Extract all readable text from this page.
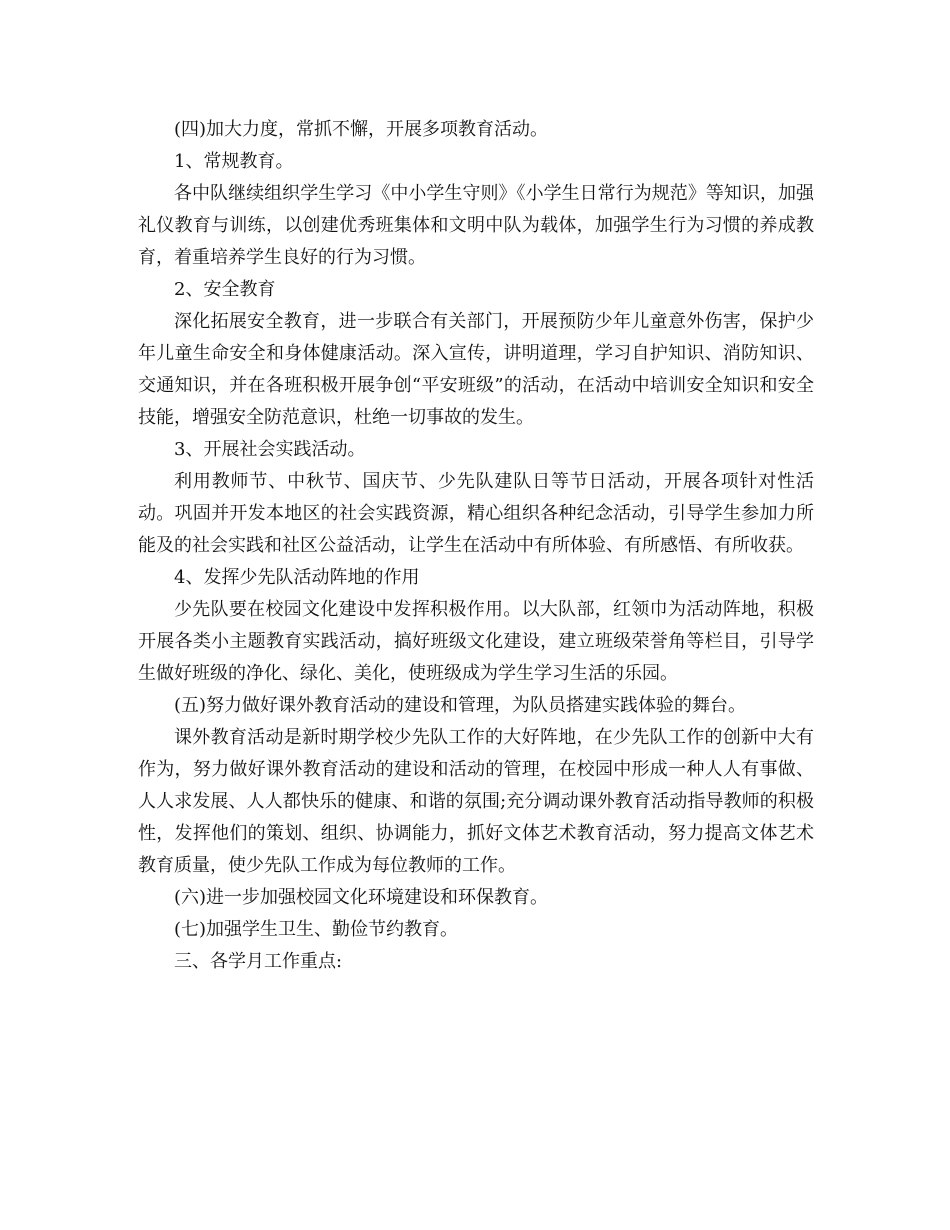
(四)加大力度，常抓不懈，开展多项教育活动。

1、常规教育。

各中队继续组织学生学习《中小学生守则》《小学生日常行为规范》等知识，加强礼仪教育与训练，以创建优秀班集体和文明中队为载体，加强学生行为习惯的养成教育，着重培养学生良好的行为习惯。

2、安全教育

深化拓展安全教育，进一步联合有关部门，开展预防少年儿童意外伤害，保护少年儿童生命安全和身体健康活动。深入宣传，讲明道理，学习自护知识、消防知识、交通知识，并在各班积极开展争创“平安班级”的活动，在活动中培训安全知识和安全技能，增强安全防范意识，杜绝一切事故的发生。

3、开展社会实践活动。

利用教师节、中秋节、国庆节、少先队建队日等节日活动，开展各项针对性活动。巩固并开发本地区的社会实践资源，精心组织各种纪念活动，引导学生参加力所能及的社会实践和社区公益活动，让学生在活动中有所体验、有所感悟、有所收获。

4、发挥少先队活动阵地的作用

少先队要在校园文化建设中发挥积极作用。以大队部，红领巾为活动阵地，积极开展各类小主题教育实践活动，搞好班级文化建设，建立班级荣誉角等栏目，引导学生做好班级的净化、绿化、美化，使班级成为学生学习生活的乐园。

(五)努力做好课外教育活动的建设和管理，为队员搭建实践体验的舞台。

课外教育活动是新时期学校少先队工作的大好阵地，在少先队工作的创新中大有作为，努力做好课外教育活动的建设和活动的管理，在校园中形成一种人人有事做、人人求发展、人人都快乐的健康、和谐的氛围;充分调动课外教育活动指导教师的积极性，发挥他们的策划、组织、协调能力，抓好文体艺术教育活动，努力提高文体艺术教育质量，使少先队工作成为每位教师的工作。

(六)进一步加强校园文化环境建设和环保教育。

(七)加强学生卫生、勤俭节约教育。

三、各学月工作重点:
